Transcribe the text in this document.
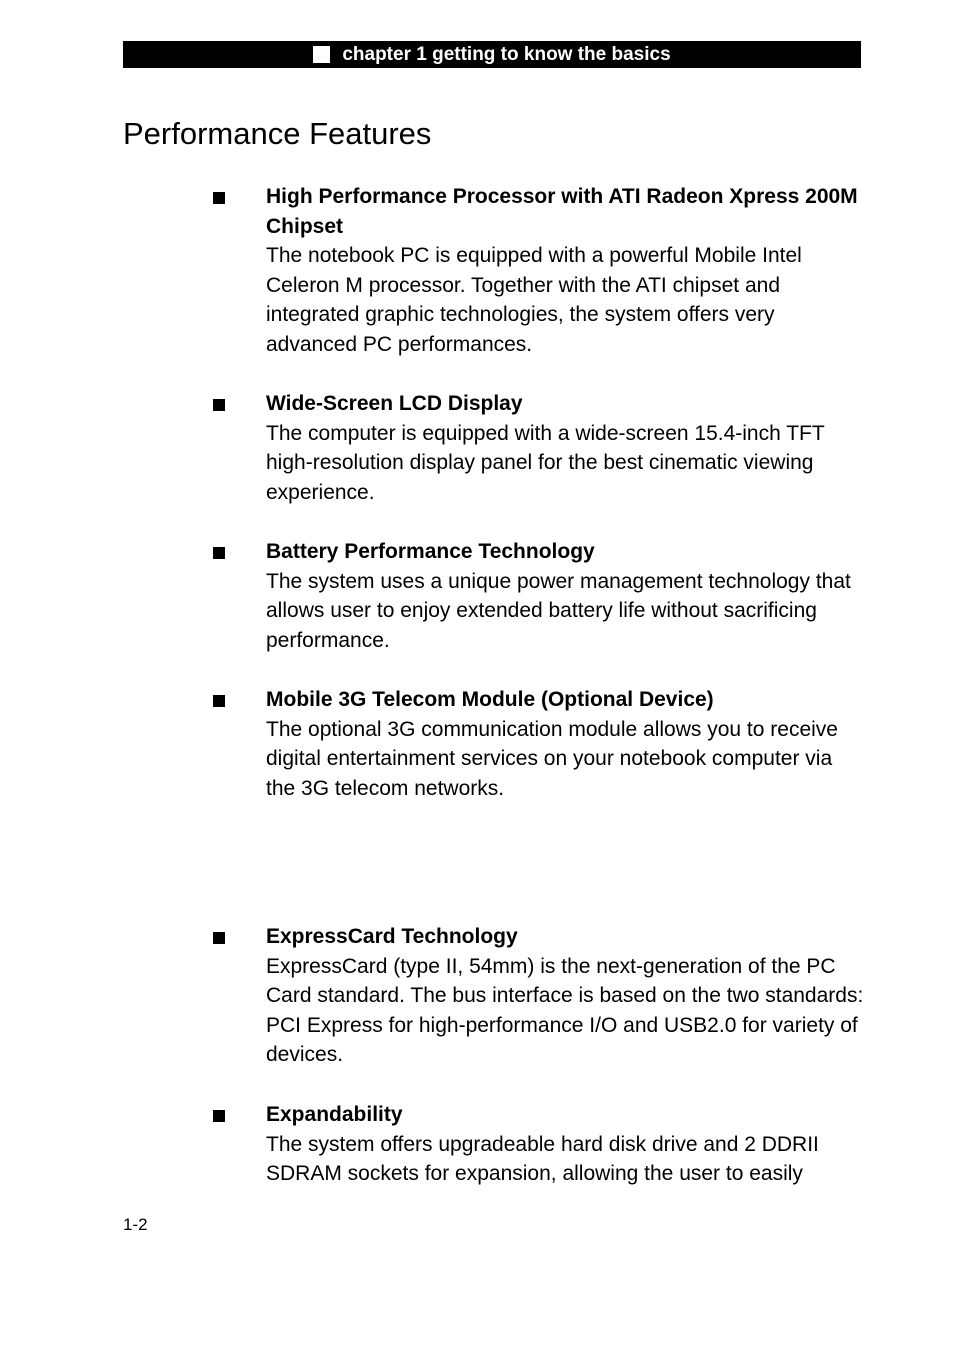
chapter 1 getting to know the basics
Performance Features
High Performance Processor with ATI Radeon Xpress 200M Chipset
The notebook PC is equipped with a powerful Mobile Intel Celeron M processor. Together with the ATI chipset and integrated graphic technologies, the system offers very advanced PC performances.
Wide-Screen LCD Display
The computer is equipped with a wide-screen 15.4-inch TFT high-resolution display panel for the best cinematic viewing experience.
Battery Performance Technology
The system uses a unique power management technology that allows user to enjoy extended battery life without sacrificing performance.
Mobile 3G Telecom Module (Optional Device)
The optional 3G communication module allows you to receive digital entertainment services on your notebook computer via the 3G telecom networks.
ExpressCard Technology
ExpressCard (type II, 54mm) is the next-generation of the PC Card standard. The bus interface is based on the two standards: PCI Express for high-performance I/O and USB2.0 for variety of devices.
Expandability
The system offers upgradeable hard disk drive and 2 DDRII SDRAM sockets for expansion, allowing the user to easily
1-2
